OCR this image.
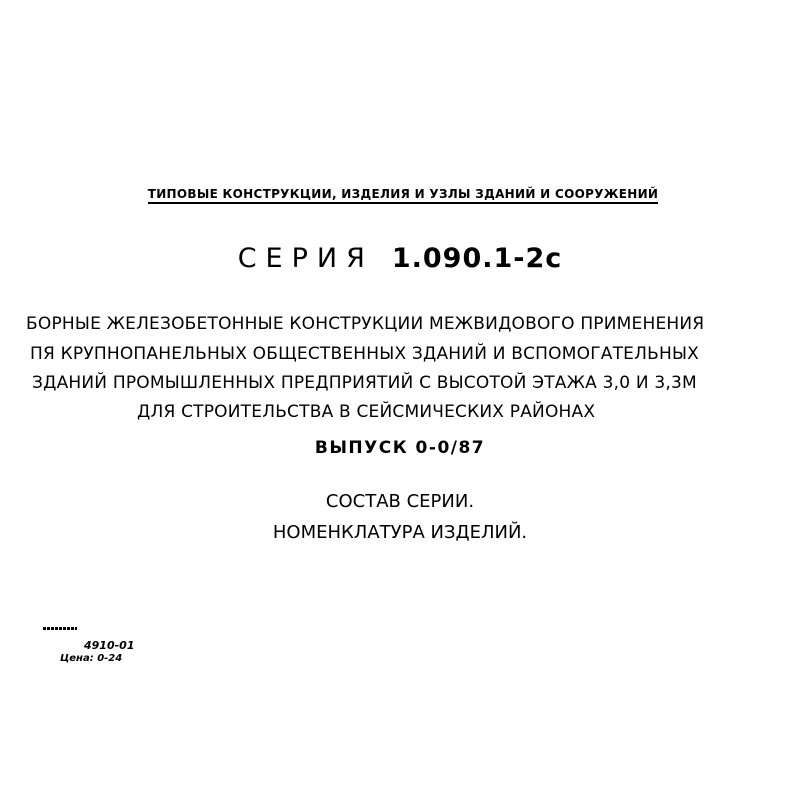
ТИПОВЫЕ КОНСТРУКЦИИ, ИЗДЕЛИЯ И УЗЛЫ ЗДАНИЙ И СООРУЖЕНИЙ
СЕРИЯ 1.090.1-2с
БОРНЫЕ ЖЕЛЕЗОБЕТОННЫЕ КОНСТРУКЦИИ МЕЖВИДОВОГО ПРИМЕНЕНИЯ
ПЯ КРУПНОПАНЕЛЬНЫХ ОБЩЕСТВЕННЫХ ЗДАНИЙ И ВСПОМОГАТЕЛЬНЫХ
ЗДАНИЙ ПРОМЫШЛЕННЫХ ПРЕДПРИЯТИЙ С ВЫСОТОЙ ЭТАЖА 3,0 И 3,3М
ДЛЯ СТРОИТЕЛЬСТВА В СЕЙСМИЧЕСКИХ РАЙОНАХ
ВЫПУСК 0-0/87
СОСТАВ СЕРИИ.
НОМЕНКЛАТУРА ИЗДЕЛИЙ.
4910-01
Цена: 0-24
